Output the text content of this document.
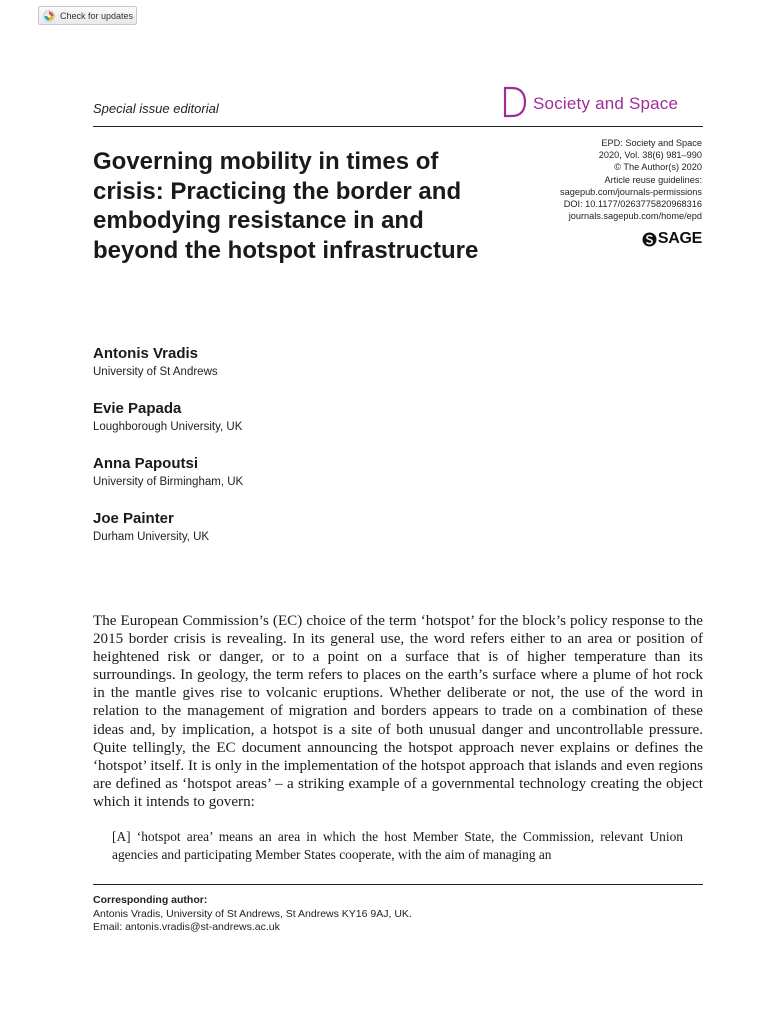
Check for updates
Special issue editorial	Society and Space
EPD: Society and Space
2020, Vol. 38(6) 981–990
© The Author(s) 2020
Article reuse guidelines:
sagepub.com/journals-permissions
DOI: 10.1177/0263775820968316
journals.sagepub.com/home/epd
SAGE
Governing mobility in times of crisis: Practicing the border and embodying resistance in and beyond the hotspot infrastructure
Antonis Vradis
University of St Andrews
Evie Papada
Loughborough University, UK
Anna Papoutsi
University of Birmingham, UK
Joe Painter
Durham University, UK

The European Commission’s (EC) choice of the term ‘hotspot’ for the block’s policy response to the 2015 border crisis is revealing. In its general use, the word refers either to an area or position of heightened risk or danger, or to a point on a surface that is of higher temperature than its surroundings. In geology, the term refers to places on the earth’s surface where a plume of hot rock in the mantle gives rise to volcanic eruptions. Whether deliberate or not, the use of the word in relation to the management of migration and borders appears to trade on a combination of these ideas and, by implication, a hotspot is a site of both unusual danger and uncontrollable pressure. Quite tellingly, the EC document announcing the hotspot approach never explains or defines the ‘hotspot’ itself. It is only in the implementation of the hotspot approach that islands and even regions are defined as ‘hotspot areas’ – a striking example of a governmental technology creating the object which it intends to govern:

[A] ‘hotspot area’ means an area in which the host Member State, the Commission, relevant Union agencies and participating Member States cooperate, with the aim of managing an

Corresponding author:
Antonis Vradis, University of St Andrews, St Andrews KY16 9AJ, UK.
Email: antonis.vradis@st-andrews.ac.uk
